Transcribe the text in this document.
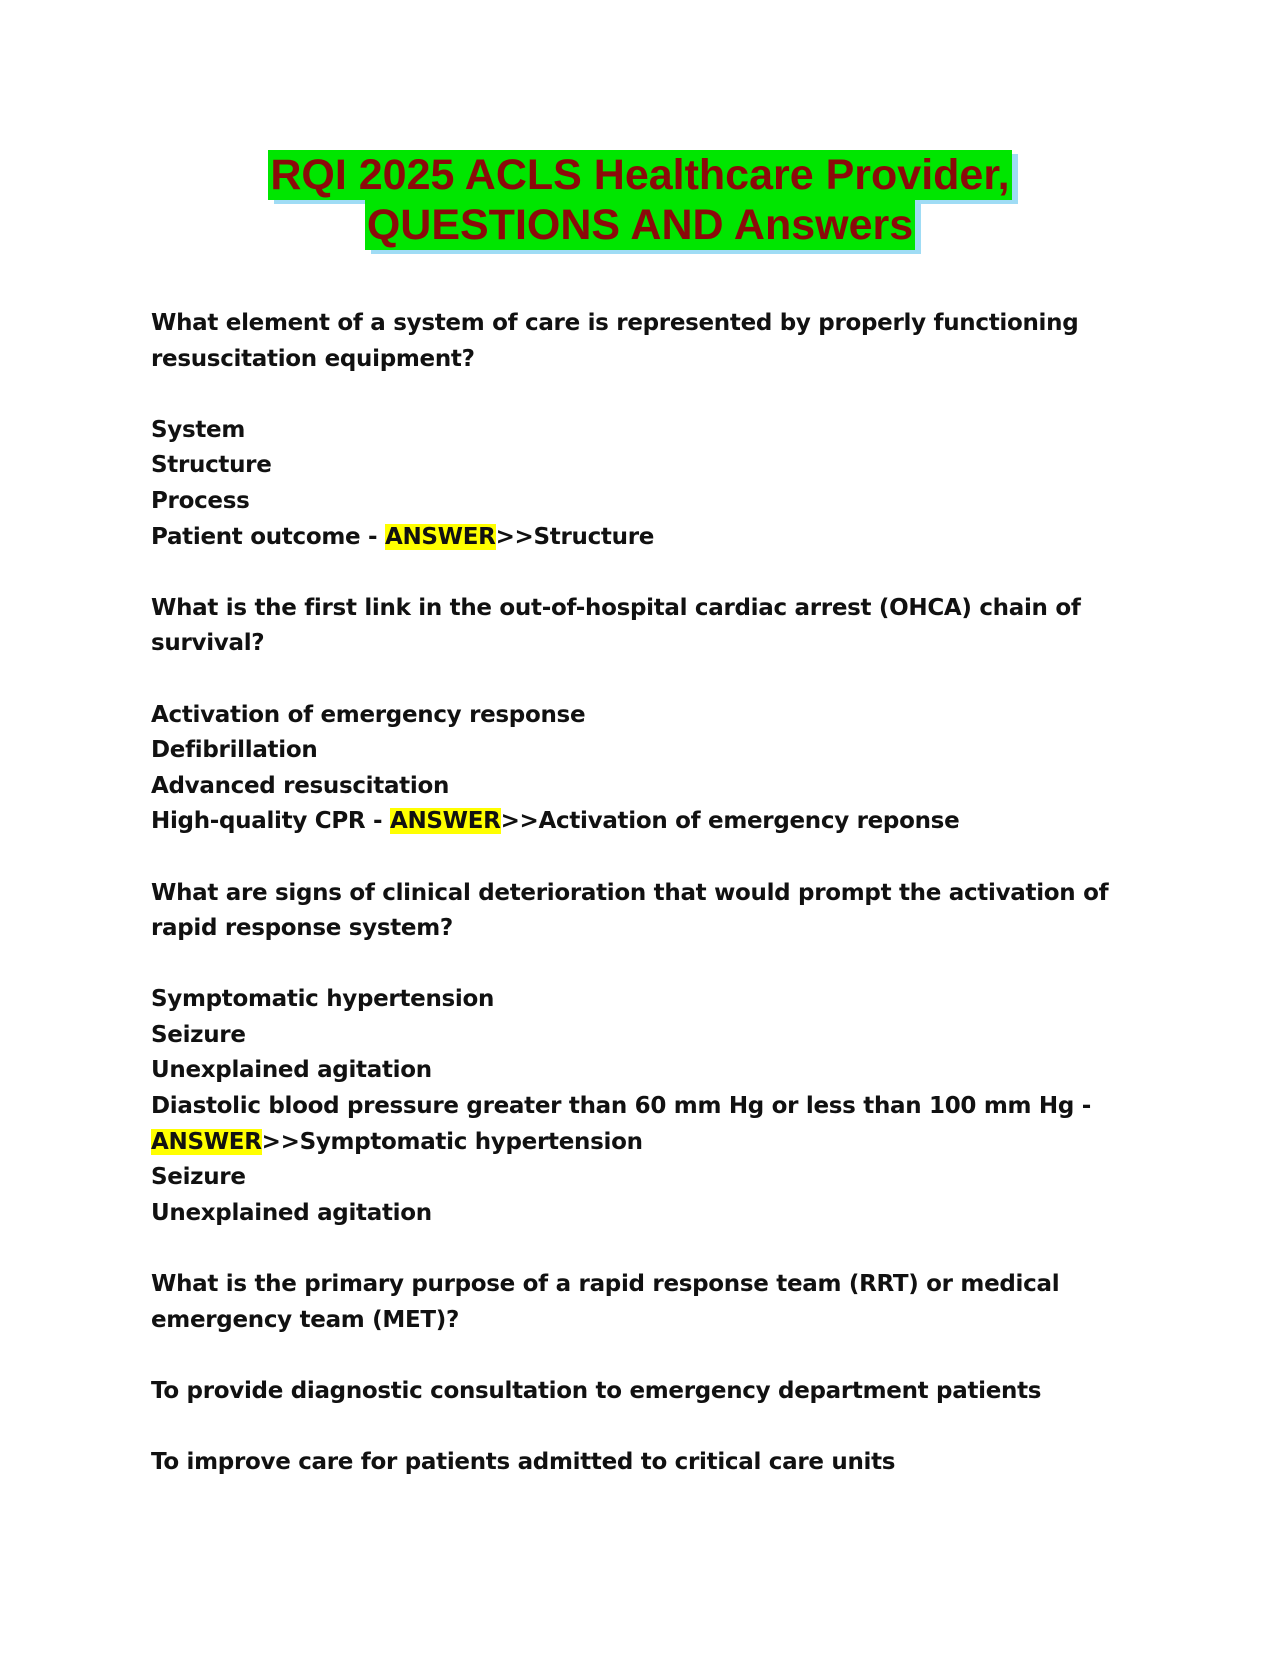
RQI 2025 ACLS Healthcare Provider,
QUESTIONS AND Answers
What element of a system of care is represented by properly functioning
resuscitation equipment?
System
Structure
Process
Patient outcome - ANSWER>>Structure
What is the first link in the out-of-hospital cardiac arrest (OHCA) chain of
survival?
Activation of emergency response
Defibrillation
Advanced resuscitation
High-quality CPR - ANSWER>>Activation of emergency reponse
What are signs of clinical deterioration that would prompt the activation of
rapid response system?
Symptomatic hypertension
Seizure
Unexplained agitation
Diastolic blood pressure greater than 60 mm Hg or less than 100 mm Hg -
ANSWER>>Symptomatic hypertension
Seizure
Unexplained agitation
What is the primary purpose of a rapid response team (RRT) or medical
emergency team (MET)?
To provide diagnostic consultation to emergency department patients
To improve care for patients admitted to critical care units
